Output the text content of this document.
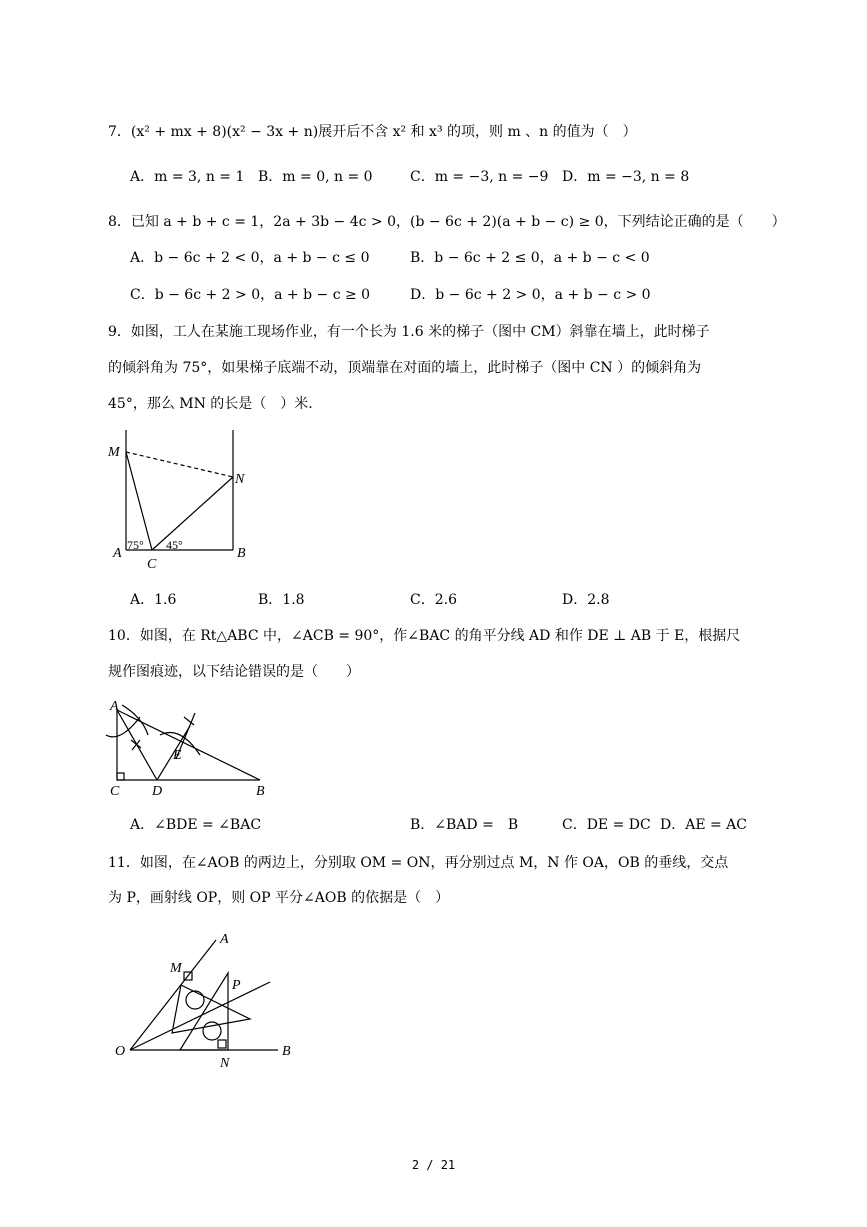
7．(x² + mx + 8)(x² − 3x + n)展开后不含 x² 和 x³ 的项，则 m 、n 的值为（　）
A．m = 3, n = 1 B．m = 0, n = 0	C．m = −3, n = −9 D．m = −3, n = 8
8．已知 a + b + c = 1，2a + 3b − 4c > 0，(b − 6c + 2)(a + b − c) ≥ 0，下列结论正确的是（　　）
A．b − 6c + 2 < 0，a + b − c ≤ 0	B．b − 6c + 2 ≤ 0，a + b − c < 0
C．b − 6c + 2 > 0，a + b − c ≥ 0	D．b − 6c + 2 > 0，a + b − c > 0
9．如图，工人在某施工现场作业，有一个长为 1.6 米的梯子（图中 CM）斜靠在墙上，此时梯子
的倾斜角为 75°，如果梯子底端不动，顶端靠在对面的墙上，此时梯子（图中 CN ）的倾斜角为
45°，那么 MN 的长是（　）米.
M
N
A	B
C
75° 45°
A．1.6	B．1.8	C．2.6	D．2.8
10．如图，在 Rt△ABC 中，∠ACB = 90°，作∠BAC 的角平分线 AD 和作 DE ⊥ AB 于 E，根据尺
规作图痕迹，以下结论错误的是（　　）
A
C D	B
E
A．∠BDE = ∠BAC	B．∠BAD =　B	C．DE = DC D．AE = AC
11．如图，在∠AOB 的两边上，分别取 OM = ON，再分别过点 M，N 作 OA，OB 的垂线，交点
为 P，画射线 OP，则 OP 平分∠AOB 的依据是（　）
A
B
O
M
N
P
2 / 21
